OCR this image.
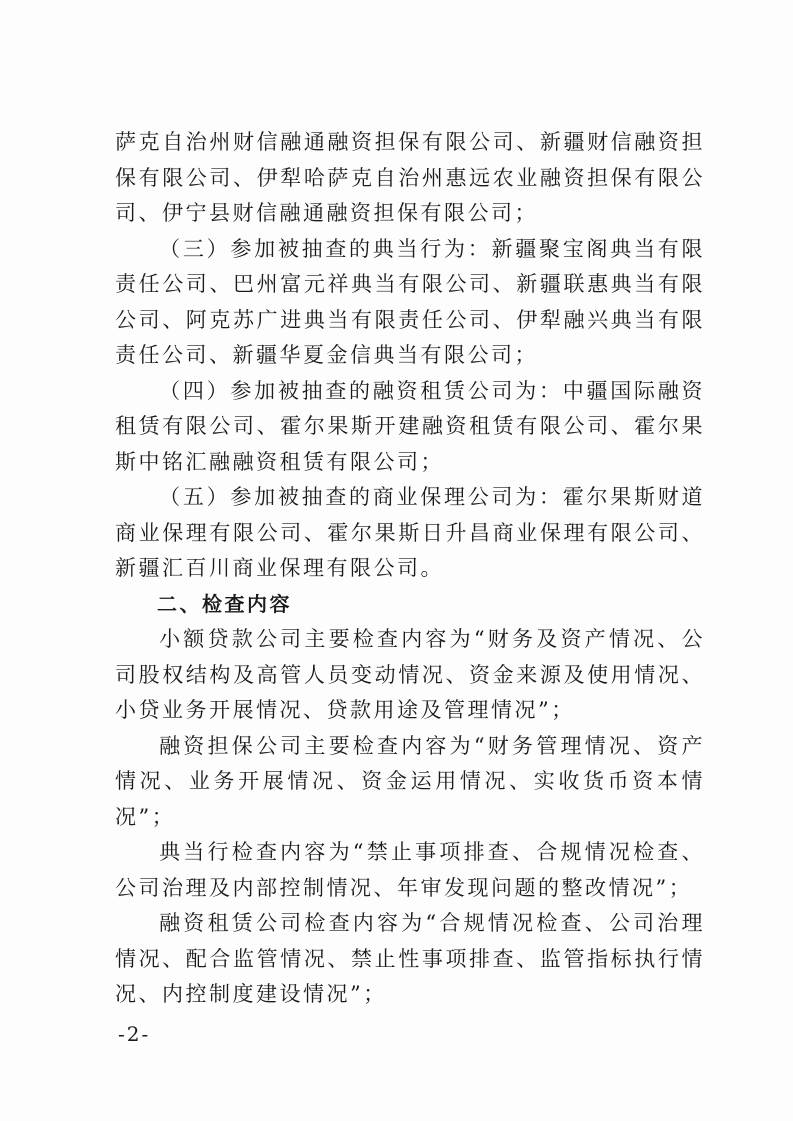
萨克自治州财信融通融资担保有限公司、新疆财信融资担保有限公司、伊犁哈萨克自治州惠远农业融资担保有限公司、伊宁县财信融通融资担保有限公司；

（三）参加被抽查的典当行为：新疆聚宝阁典当有限责任公司、巴州富元祥典当有限公司、新疆联惠典当有限公司、阿克苏广进典当有限责任公司、伊犁融兴典当有限责任公司、新疆华夏金信典当有限公司；

（四）参加被抽查的融资租赁公司为：中疆国际融资租赁有限公司、霍尔果斯开建融资租赁有限公司、霍尔果斯中铭汇融融资租赁有限公司；

（五）参加被抽查的商业保理公司为：霍尔果斯财道商业保理有限公司、霍尔果斯日升昌商业保理有限公司、新疆汇百川商业保理有限公司。

二、检查内容

小额贷款公司主要检查内容为“财务及资产情况、公司股权结构及高管人员变动情况、资金来源及使用情况、小贷业务开展情况、贷款用途及管理情况”；

融资担保公司主要检查内容为“财务管理情况、资产情况、业务开展情况、资金运用情况、实收货币资本情况”；

典当行检查内容为“禁止事项排查、合规情况检查、公司治理及内部控制情况、年审发现问题的整改情况”；

融资租赁公司检查内容为“合规情况检查、公司治理情况、配合监管情况、禁止性事项排查、监管指标执行情况、内控制度建设情况”；

-2-
